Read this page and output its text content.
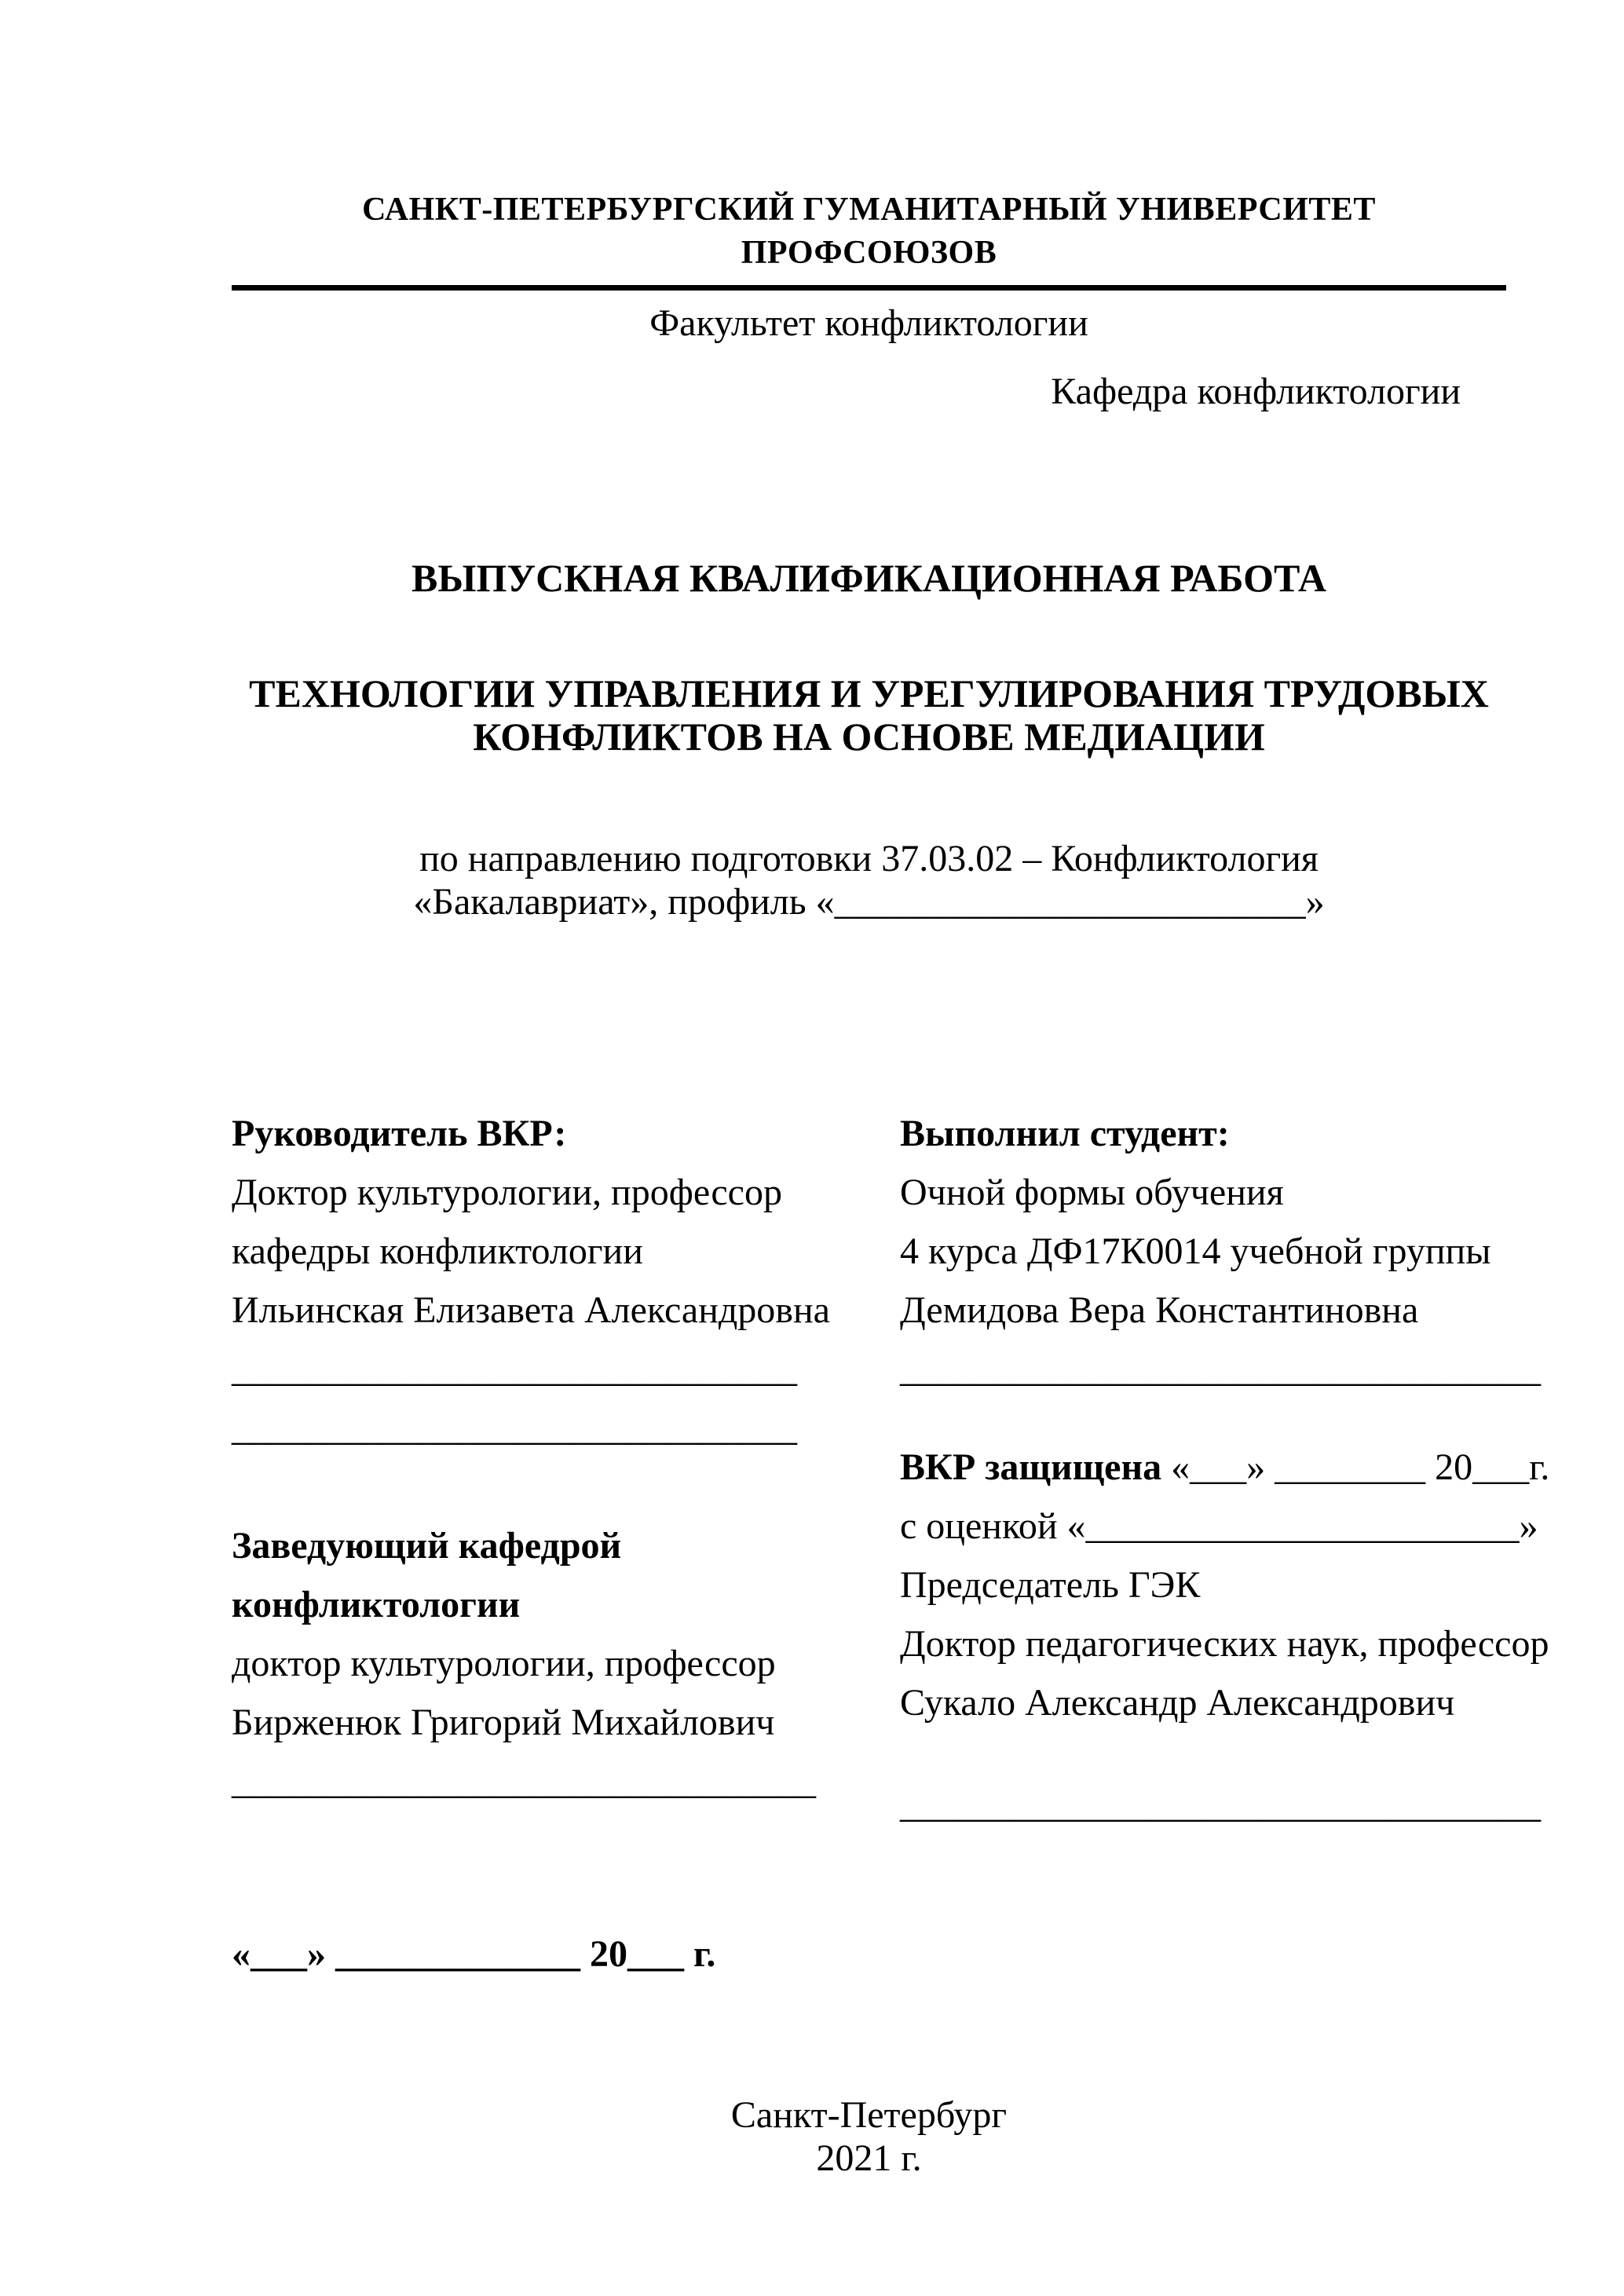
САНКТ-ПЕТЕРБУРГСКИЙ ГУМАНИТАРНЫЙ УНИВЕРСИТЕТ ПРОФСОЮЗОВ
Факультет конфликтологии
Кафедра конфликтологии
ВЫПУСКНАЯ КВАЛИФИКАЦИОННАЯ РАБОТА
ТЕХНОЛОГИИ УПРАВЛЕНИЯ И УРЕГУЛИРОВАНИЯ ТРУДОВЫХ
КОНФЛИКТОВ НА ОСНОВЕ МЕДИАЦИИ
по направлению подготовки 37.03.02 – Конфликтология
«Бакалавриат», профиль «_________________________»
Руководитель ВКР:
Доктор культурологии, профессор
кафедры конфликтологии
Ильинская Елизавета Александровна
______________________________
______________________________
Заведующий кафедрой конфликтологии
доктор культурологии, профессор
Бирженюк Григорий Михайлович
_______________________________
«___» _____________ 20___ г.
Выполнил студент:
Очной формы обучения
4 курса ДФ17К0014 учебной группы
Демидова Вера Константиновна
__________________________________
ВКР защищена «___» ________ 20___г.
с оценкой «_______________________»
Председатель ГЭК
Доктор педагогических наук, профессор
Сукало Александр Александрович
__________________________________
Санкт-Петербург
2021 г.
